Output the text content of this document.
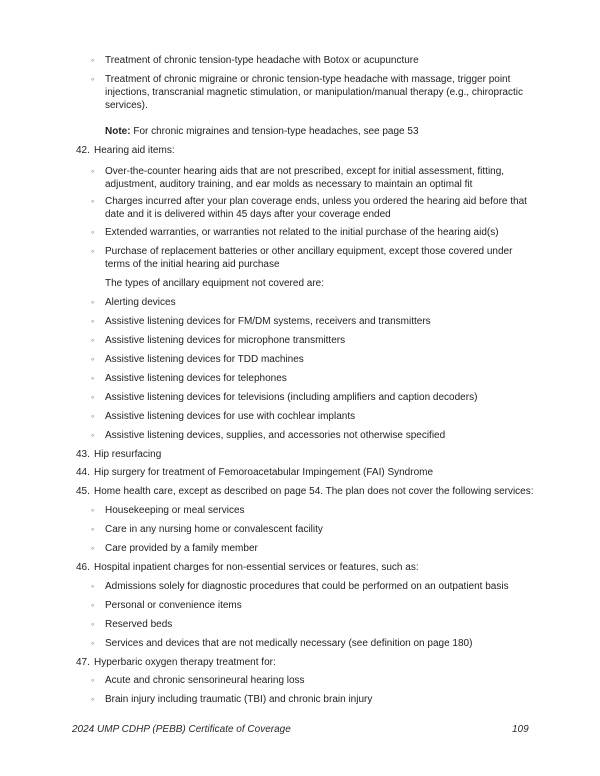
◦
◦
◦
◦
◦
◦
◦
◦
◦
◦
◦
◦
◦
◦
◦
◦
◦
◦
◦
◦
◦
◦
◦
Treatment of chronic tension-type headache with Botox or acupuncture
Treatment of chronic migraine or chronic tension-type headache with massage, trigger point
injections, transcranial magnetic stimulation, or manipulation/manual therapy (e.g., chiropractic
services).
Note: For chronic migraines and tension-type headaches, see page 53
42. Hearing aid items:
Over-the-counter hearing aids that are not prescribed, except for initial assessment, fitting,
adjustment, auditory training, and ear molds as necessary to maintain an optimal fit
Charges incurred after your plan coverage ends, unless you ordered the hearing aid before that
date and it is delivered within 45 days after your coverage ended
Extended warranties, or warranties not related to the initial purchase of the hearing aid(s)
Purchase of replacement batteries or other ancillary equipment, except those covered under
terms of the initial hearing aid purchase
The types of ancillary equipment not covered are:
Alerting devices
Assistive listening devices for FM/DM systems, receivers and transmitters
Assistive listening devices for microphone transmitters
Assistive listening devices for TDD machines
Assistive listening devices for telephones
Assistive listening devices for televisions (including amplifiers and caption decoders)
Assistive listening devices for use with cochlear implants
Assistive listening devices, supplies, and accessories not otherwise specified
43. Hip resurfacing
44. Hip surgery for treatment of Femoroacetabular Impingement (FAI) Syndrome
45. Home health care, except as described on page 54. The plan does not cover the following services:
Housekeeping or meal services
Care in any nursing home or convalescent facility
Care provided by a family member
46. Hospital inpatient charges for non-essential services or features, such as:
Admissions solely for diagnostic procedures that could be performed on an outpatient basis
Personal or convenience items
Reserved beds
Services and devices that are not medically necessary (see definition on page 180)
47. Hyperbaric oxygen therapy treatment for:
Acute and chronic sensorineural hearing loss
Brain injury including traumatic (TBI) and chronic brain injury
2024 UMP CDHP (PEBB) Certificate of Coverage	109
